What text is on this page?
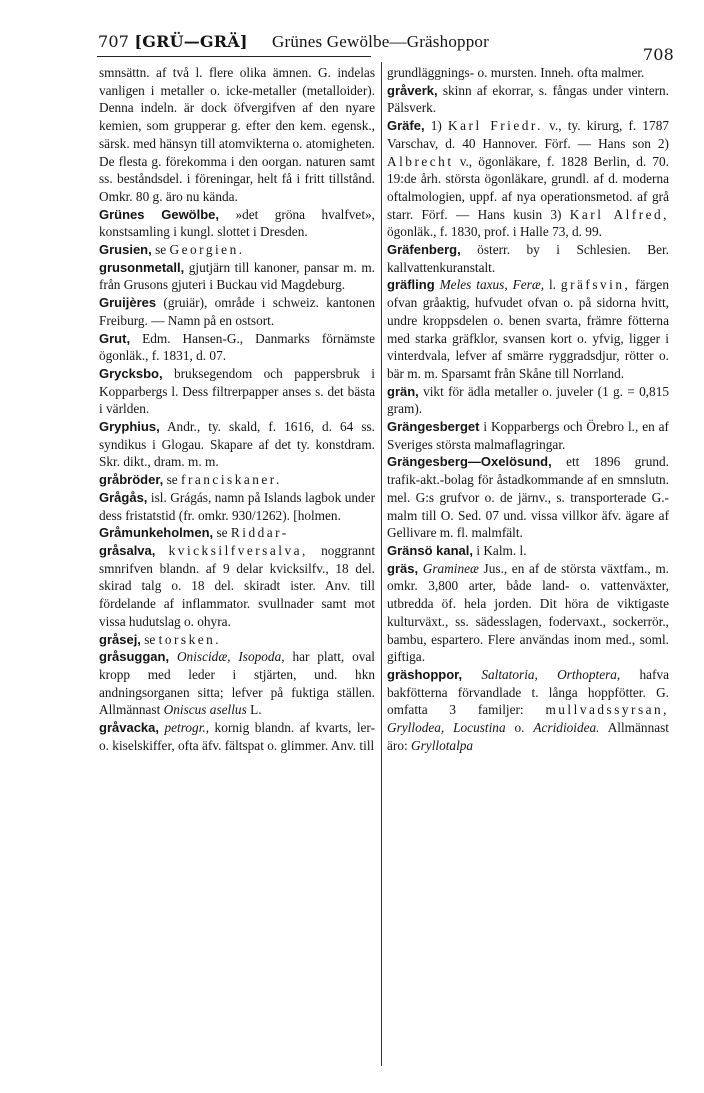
707 [GRÜ—GRÄ] Grünes Gewölbe—Gräshoppor
708

smnsättn. af två l. flere olika ämnen. G. indelas vanligen i metaller o. icke-metaller (metalloider). Denna indeln. är dock öfvergifven af den nyare kemien, som grupperar g. efter den kem. egensk., särsk. med hänsyn till atomvikterna o. atomigheten. De flesta g. förekomma i den oorgan. naturen samt ss. beståndsdel. i föreningar, helt få i fritt tillstånd. Omkr. 80 g. äro nu kända.

Grünes Gewölbe, »det gröna hvalfvet», konstsamling i kungl. slottet i Dresden.

Grusien, se Georgien.

grusonmetall, gjutjärn till kanoner, pansar m. m. från Grusons gjuteri i Buckau vid Magdeburg.

Gruijères (gruiär), område i schweiz. kantonen Freiburg. — Namn på en ostsort.

Grut, Edm. Hansen-G., Danmarks förnämste ögonläk., f. 1831, d. 07.

Grycksbo, bruksegendom och pappersbruk i Kopparbergs l. Dess filtrerpapper anses s. det bästa i världen.

Gryphius, Andr., ty. skald, f. 1616, d. 64 ss. syndikus i Glogau. Skapare af det ty. konstdram. Skr. dikt., dram. m. m.

gråbröder, se franciskaner.

Grågås, isl. Grágás, namn på Islands lagbok under dess fristatstid (fr. omkr. 930/1262). [holmen.

Gråmunkeholmen, se Riddar-

gråsalva, kvicksilfversalva, noggrannt smnrifven blandn. af 9 delar kvicksilfv., 18 del. skirad talg o. 18 del. skiradt ister. Anv. till fördelande af inflammator. svullnader samt mot vissa hudutslag o. ohyra.

gråsej, se torsken.

gråsuggan, Oniscidæ, Isopoda, har platt, oval kropp med leder i stjärten, und. hkn andningsorganen sitta; lefver på fuktiga ställen. Allmännast Oniscus asellus L.

gråvacka, petrogr., kornig blandn. af kvarts, ler- o. kiselskiffer, ofta äfv. fältspat o. glimmer. Anv. till

grundläggnings- o. mursten. Inneh. ofta malmer.

gråverk, skinn af ekorrar, s. fångas under vintern. Pälsverk.

Gräfe, 1) Karl Friedr. v., ty. kirurg, f. 1787 Varschav, d. 40 Hannover. Förf. — Hans son 2) Albrecht v., ögonläkare, f. 1828 Berlin, d. 70. 19:de årh. största ögonläkare, grundl. af d. moderna oftalmologien, uppf. af nya operationsmetod. af grå starr. Förf. — Hans kusin 3) Karl Alfred, ögonläk., f. 1830, prof. i Halle 73, d. 99.

Gräfenberg, österr. by i Schlesien. Ber. kallvattenkuranstalt.

gräfling Meles taxus, Feræ, l. gräfsvin, färgen ofvan gråaktig, hufvudet ofvan o. på sidorna hvitt, undre kroppsdelen o. benen svarta, främre fötterna med starka gräfklor, svansen kort o. yfvig, ligger i vinterdvala, lefver af smärre ryggradsdjur, rötter o. bär m. m. Sparsamt från Skåne till Norrland.

grän, vikt för ädla metaller o. juveler (1 g. = 0,815 gram).

Grängesberget i Kopparbergs och Örebro l., en af Sveriges största malmaflagringar.

Grängesberg—Oxelösund, ett 1896 grund. trafik-akt.-bolag för åstadkommande af en smnslutn. mel. G:s grufvor o. de järnv., s. transporterade G.-malm till O. Sed. 07 und. vissa villkor äfv. ägare af Gellivare m. fl. malmfält.

Gränsö kanal, i Kalm. l.

gräs, Gramineæ Jus., en af de största växtfam., m. omkr. 3,800 arter, både land- o. vattenväxter, utbredda öf. hela jorden. Dit höra de viktigaste kulturväxt., ss. sädesslagen, fodervaxt., sockerrör., bambu, espartero. Flere användas inom med., soml. giftiga.

gräshoppor, Saltatoria, Orthoptera, hafva bakfötterna förvandlade t. långa hoppfötter. G. omfatta 3 familjer: mullvadssyrsan, Gryllodea, Locustina o. Acridioidea. Allmännast äro: Gryllotalpa
